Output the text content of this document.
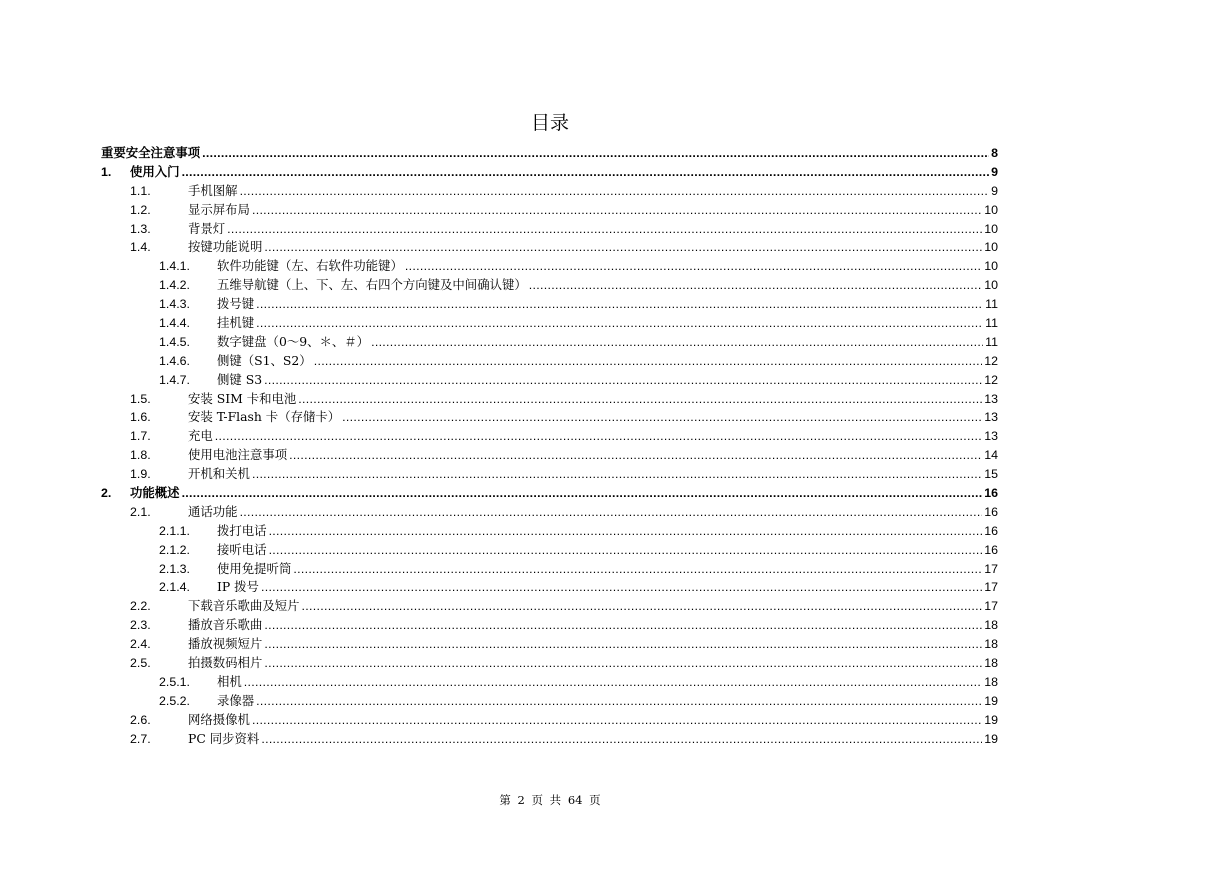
目录
重要安全注意事项 .....	8
1.	使用入门 .....	9
1.1.	手机图解 .....	9
1.2.	显示屏布局 .....	10
1.3.	背景灯 .....	10
1.4.	按键功能说明 .....	10
1.4.1.	软件功能键（左、右软件功能键） .....	10
1.4.2.	五维导航键（上、下、左、右四个方向键及中间确认键） .....	10
1.4.3.	拨号键 .....	11
1.4.4.	挂机键 .....	11
1.4.5.	数字键盘（0～9、＊、＃） .....	11
1.4.6.	侧键（S1、S2） .....	12
1.4.7.	侧键 S3 .....	12
1.5.	安装 SIM 卡和电池 .....	13
1.6.	安装 T-Flash 卡（存储卡） .....	13
1.7.	充电 .....	13
1.8.	使用电池注意事项 .....	14
1.9.	开机和关机 .....	15
2.	功能概述 .....	16
2.1.	通话功能 .....	16
2.1.1.	拨打电话 .....	16
2.1.2.	接听电话 .....	16
2.1.3.	使用免提听筒 .....	17
2.1.4.	IP 拨号 .....	17
2.2.	下载音乐歌曲及短片 .....	17
2.3.	播放音乐歌曲 .....	18
2.4.	播放视频短片 .....	18
2.5.	拍摄数码相片 .....	18
2.5.1.	相机 .....	18
2.5.2.	录像器 .....	19
2.6.	网络摄像机 .....	19
2.7.	PC 同步资料 .....	19
第 2 页 共 64 页
